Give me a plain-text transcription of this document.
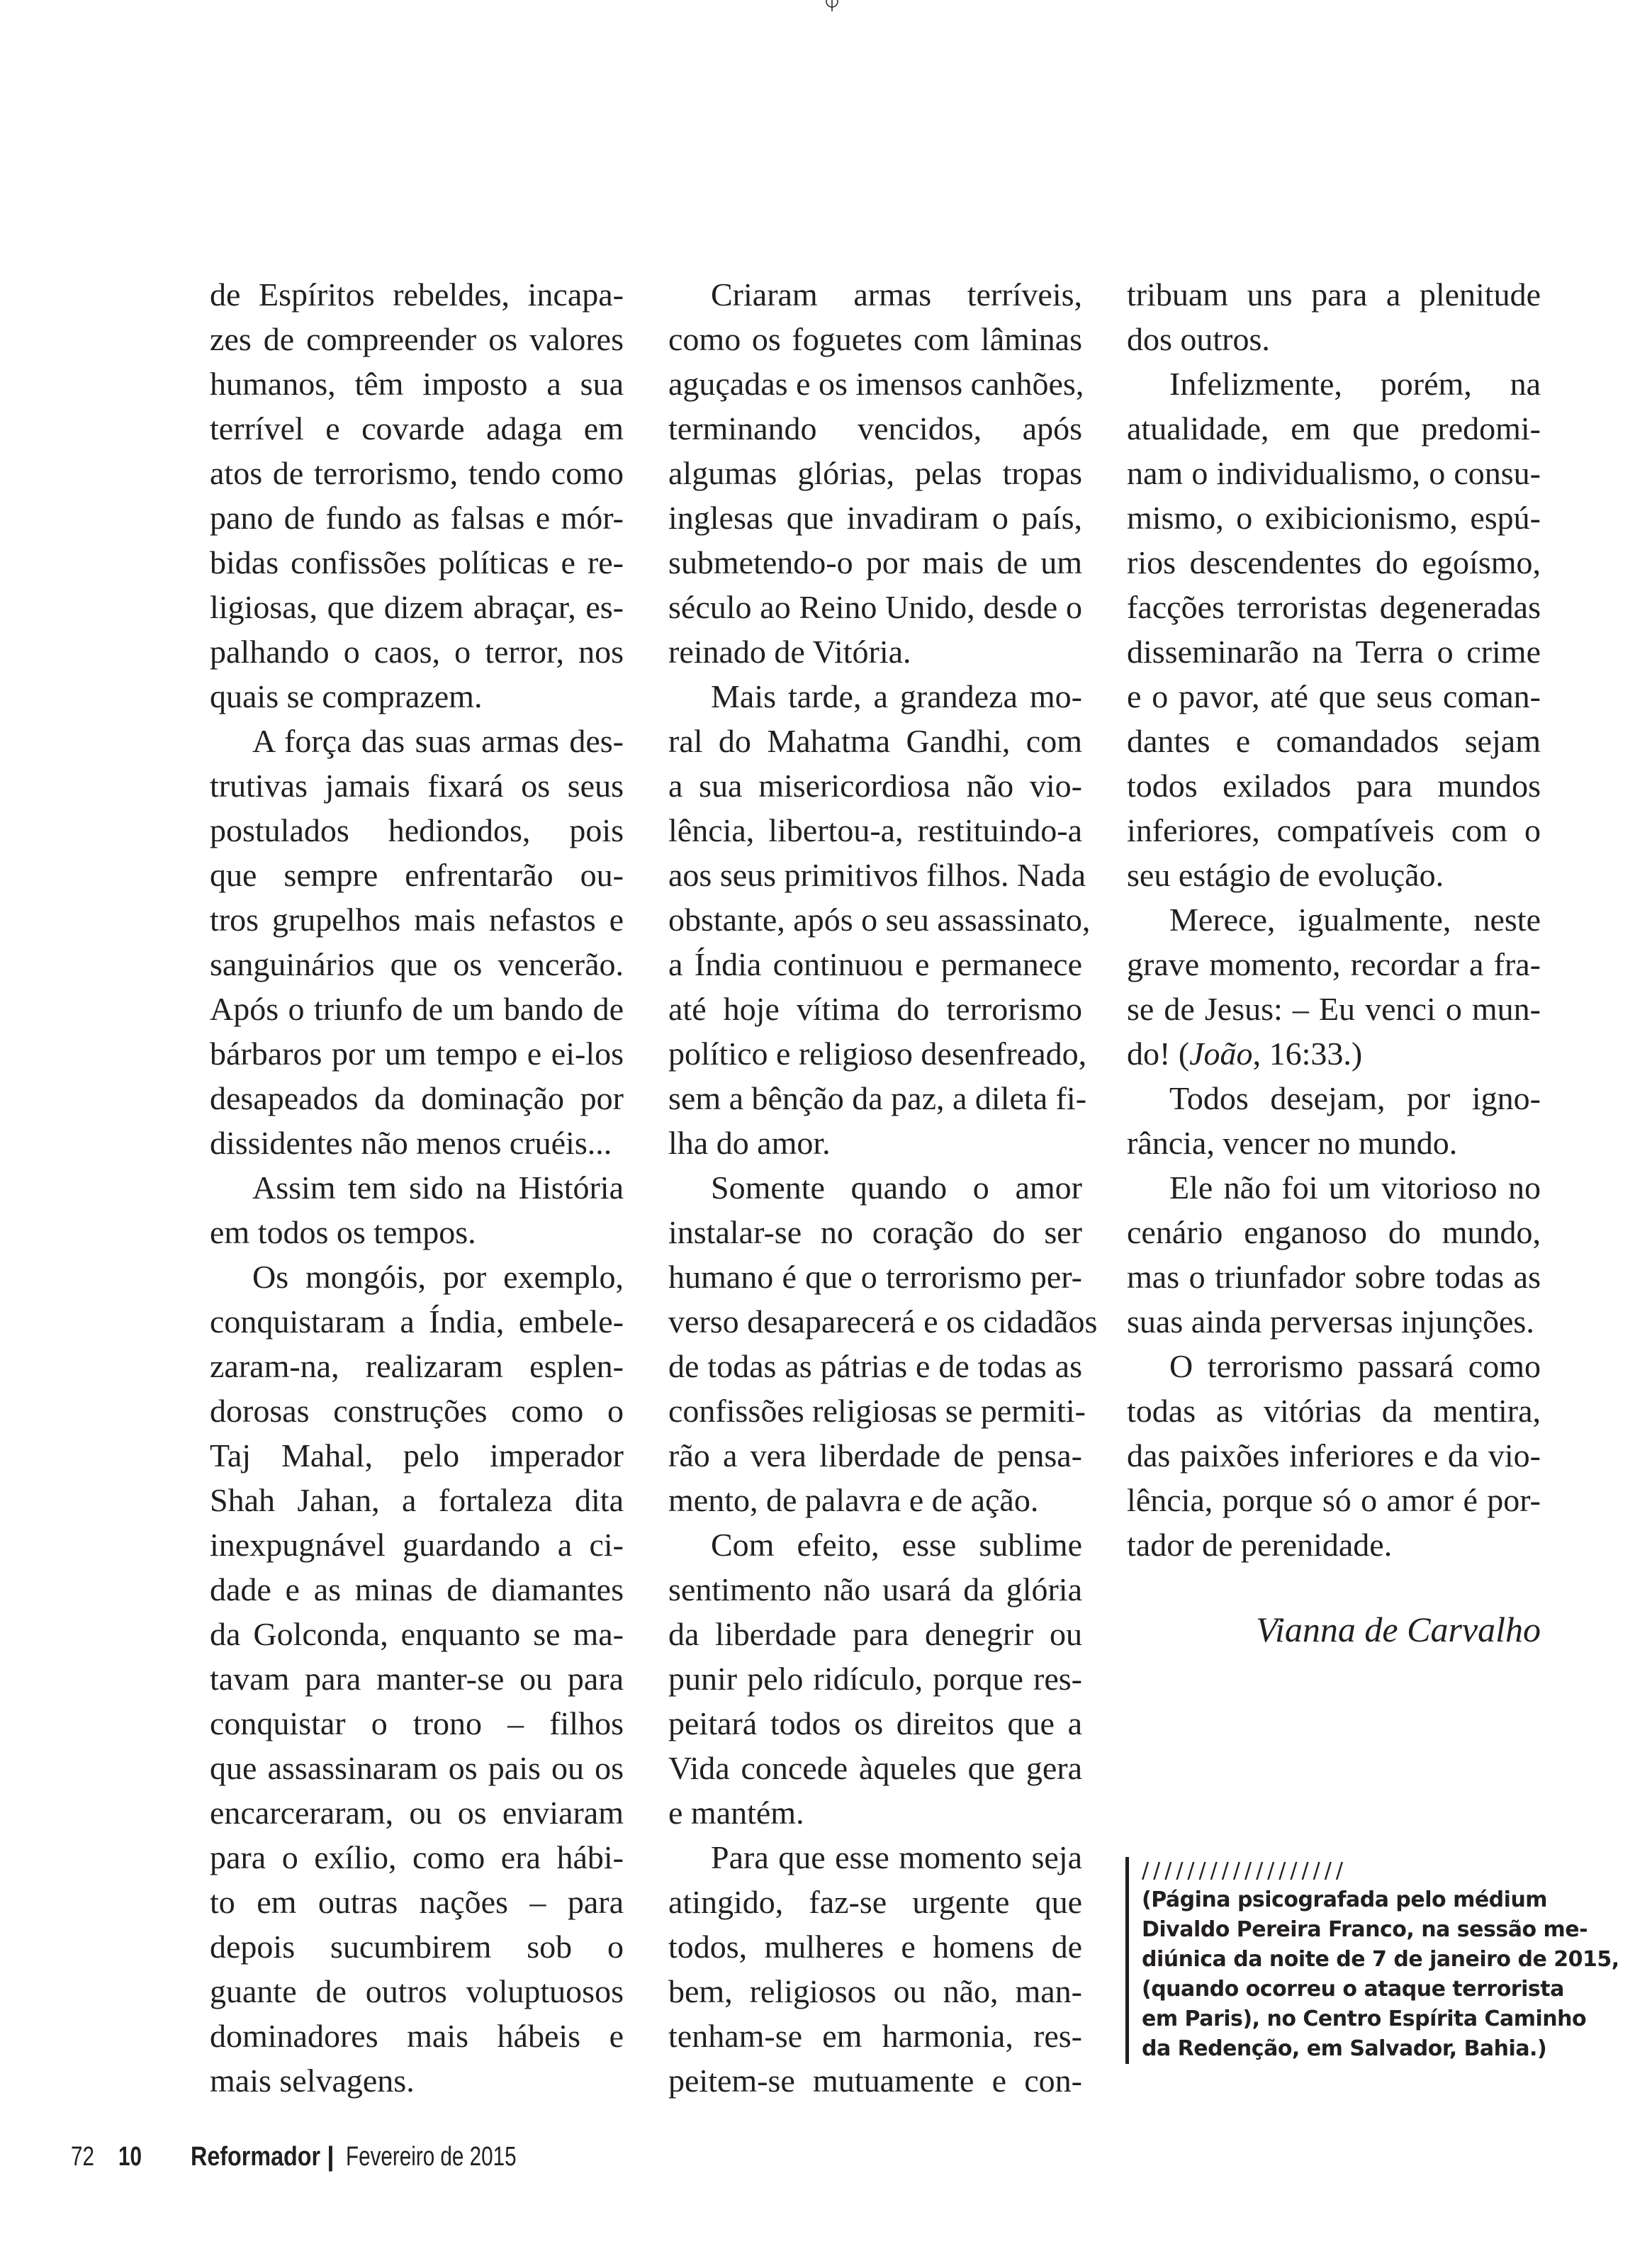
de Espíritos rebeldes, incapa-
zes de compreender os valores
humanos, têm imposto a sua
terrível e covarde adaga em
atos de terrorismo, tendo como
pano de fundo as falsas e mór-
bidas confissões políticas e re-
ligiosas, que dizem abraçar, es-
palhando o caos, o terror, nos
quais se comprazem.
A força das suas armas des-
trutivas jamais fixará os seus
postulados hediondos, pois
que sempre enfrentarão ou-
tros grupelhos mais nefastos e
sanguinários que os vencerão.
Após o triunfo de um bando de
bárbaros por um tempo e ei-los
desapeados da dominação por
dissidentes não menos cruéis...
Assim tem sido na História
em todos os tempos.
Os mongóis, por exemplo,
conquistaram a Índia, embele-
zaram-na, realizaram esplen-
dorosas construções como o
Taj Mahal, pelo imperador
Shah Jahan, a fortaleza dita
inexpugnável guardando a ci-
dade e as minas de diamantes
da Golconda, enquanto se ma-
tavam para manter-se ou para
conquistar o trono – filhos
que assassinaram os pais ou os
encarceraram, ou os enviaram
para o exílio, como era hábi-
to em outras nações – para
depois sucumbirem sob o
guante de outros voluptuosos
dominadores mais hábeis e
mais selvagens.
Criaram armas terríveis,
como os foguetes com lâminas
aguçadas e os imensos canhões,
terminando vencidos, após
algumas glórias, pelas tropas
inglesas que invadiram o país,
submetendo-o por mais de um
século ao Reino Unido, desde o
reinado de Vitória.
Mais tarde, a grandeza mo-
ral do Mahatma Gandhi, com
a sua misericordiosa não vio-
lência, libertou-a, restituindo-a
aos seus primitivos filhos. Nada
obstante, após o seu assassinato,
a Índia continuou e permanece
até hoje vítima do terrorismo
político e religioso desenfreado,
sem a bênção da paz, a dileta fi-
lha do amor.
Somente quando o amor
instalar-se no coração do ser
humano é que o terrorismo per-
verso desaparecerá e os cidadãos
de todas as pátrias e de todas as
confissões religiosas se permiti-
rão a vera liberdade de pensa-
mento, de palavra e de ação.
Com efeito, esse sublime
sentimento não usará da glória
da liberdade para denegrir ou
punir pelo ridículo, porque res-
peitará todos os direitos que a
Vida concede àqueles que gera
e mantém.
Para que esse momento seja
atingido, faz-se urgente que
todos, mulheres e homens de
bem, religiosos ou não, man-
tenham-se em harmonia, res-
peitem-se mutuamente e con-
tribuam uns para a plenitude
dos outros.
Infelizmente, porém, na
atualidade, em que predomi-
nam o individualismo, o consu-
mismo, o exibicionismo, espú-
rios descendentes do egoísmo,
facções terroristas degeneradas
disseminarão na Terra o crime
e o pavor, até que seus coman-
dantes e comandados sejam
todos exilados para mundos
inferiores, compatíveis com o
seu estágio de evolução.
Merece, igualmente, neste
grave momento, recordar a fra-
se de Jesus: – Eu venci o mun-
do! (João, 16:33.)
Todos desejam, por igno-
rância, vencer no mundo.
Ele não foi um vitorioso no
cenário enganoso do mundo,
mas o triunfador sobre todas as
suas ainda perversas injunções.
O terrorismo passará como
todas as vitórias da mentira,
das paixões inferiores e da vio-
lência, porque só o amor é por-
tador de perenidade.
Vianna de Carvalho
//////////////////
(Página psicografada pelo médium
Divaldo Pereira Franco, na sessão me-
diúnica da noite de 7 de janeiro de 2015,
(quando ocorreu o ataque terrorista
em Paris), no Centro Espírita Caminho
da Redenção, em Salvador, Bahia.)
72 10 Reformador | Fevereiro de 2015
